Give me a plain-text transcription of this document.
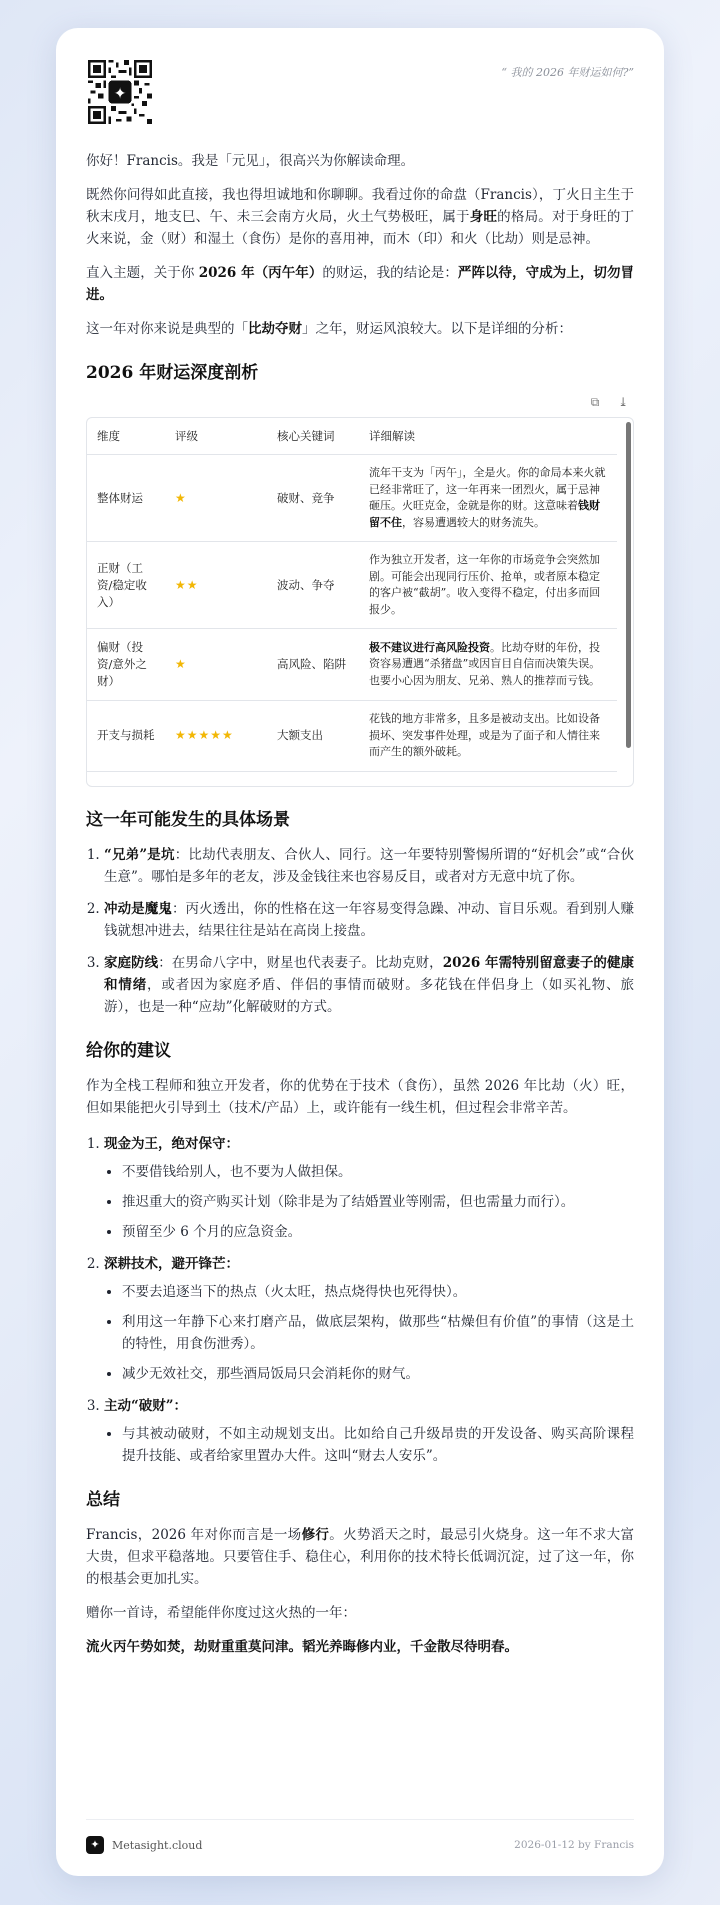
✦
“ 我的 2026 年财运如何?”

你好！Francis。我是「元见」，很高兴为你解读命理。

既然你问得如此直接，我也得坦诚地和你聊聊。我看过你的命盘（Francis），丁火日主生于秋末戌月，地支巳、午、未三会南方火局，火土气势极旺，属于身旺的格局。对于身旺的丁火来说，金（财）和湿土（食伤）是你的喜用神，而木（印）和火（比劫）则是忌神。

直入主题，关于你 2026 年（丙午年）的财运，我的结论是：严阵以待，守成为上，切勿冒进。

这一年对你来说是典型的「比劫夺财」之年，财运风浪较大。以下是详细的分析：

2026 年财运深度剖析
⧉ ⤓
维度	评级	核心关键词	详细解读
整体财运	★	破财、竞争	流年干支为「丙午」，全是火。你的命局本来火就已经非常旺了，这一年再来一团烈火，属于忌神砸压。火旺克金，金就是你的财。这意味着钱财留不住，容易遭遇较大的财务流失。
正财（工资/稳定收入）	★★	波动、争夺	作为独立开发者，这一年你的市场竞争会突然加剧。可能会出现同行压价、抢单，或者原本稳定的客户被“截胡”。收入变得不稳定，付出多而回报少。
偏财（投资/意外之财）	★	高风险、陷阱	极不建议进行高风险投资。比劫夺财的年份，投资容易遭遇“杀猪盘”或因盲目自信而决策失误。也要小心因为朋友、兄弟、熟人的推荐而亏钱。
开支与损耗	★★★★★	大额支出	花钱的地方非常多，且多是被动支出。比如设备损坏、突发事件处理，或是为了面子和人情往来而产生的额外破耗。
这一年可能发生的具体场景
1. “兄弟”是坑：比劫代表朋友、合伙人、同行。这一年要特别警惕所谓的“好机会”或“合伙生意”。哪怕是多年的老友，涉及金钱往来也容易反目，或者对方无意中坑了你。
2. 冲动是魔鬼：丙火透出，你的性格在这一年容易变得急躁、冲动、盲目乐观。看到别人赚钱就想冲进去，结果往往是站在高岗上接盘。
3. 家庭防线：在男命八字中，财星也代表妻子。比劫克财，2026 年需特别留意妻子的健康和情绪，或者因为家庭矛盾、伴侣的事情而破财。多花钱在伴侣身上（如买礼物、旅游），也是一种“应劫”化解破财的方式。
给你的建议

作为全栈工程师和独立开发者，你的优势在于技术（食伤），虽然 2026 年比劫（火）旺，但如果能把火引导到土（技术/产品）上，或许能有一线生机，但过程会非常辛苦。

1. 现金为王，绝对保守：
• 不要借钱给别人，也不要为人做担保。
• 推迟重大的资产购买计划（除非是为了结婚置业等刚需，但也需量力而行）。
• 预留至少 6 个月的应急资金。
2. 深耕技术，避开锋芒：
• 不要去追逐当下的热点（火太旺，热点烧得快也死得快）。
• 利用这一年静下心来打磨产品，做底层架构，做那些“枯燥但有价值”的事情（这是土的特性，用食伤泄秀）。
• 减少无效社交，那些酒局饭局只会消耗你的财气。
3. 主动“破财”：
• 与其被动破财，不如主动规划支出。比如给自己升级昂贵的开发设备、购买高阶课程提升技能、或者给家里置办大件。这叫“财去人安乐”。
总结

Francis，2026 年对你而言是一场修行。火势滔天之时，最忌引火烧身。这一年不求大富大贵，但求平稳落地。只要管住手、稳住心，利用你的技术特长低调沉淀，过了这一年，你的根基会更加扎实。

赠你一首诗，希望能伴你度过这火热的一年：

流火丙午势如焚，劫财重重莫问津。韬光养晦修内业，千金散尽待明春。

✦	Metasight.cloud	2026-01-12 by Francis
